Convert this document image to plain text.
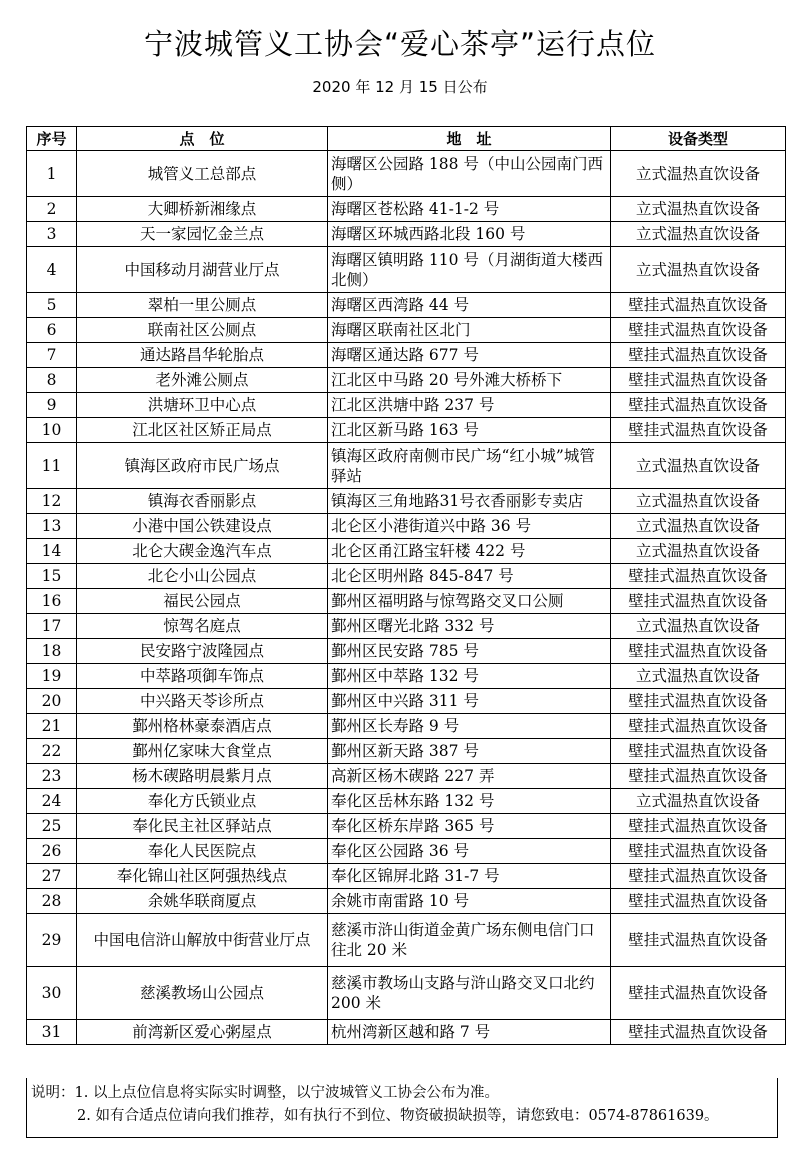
宁波城管义工协会“爱心茶亭”运行点位
2020 年 12 月 15 日公布
序号	点　位	地　址	设备类型
1	城管义工总部点	海曙区公园路 188 号（中山公园南门西侧）	立式温热直饮设备
2	大卿桥新湘缘点	海曙区苍松路 41-1-2 号	立式温热直饮设备
3	天一家园忆金兰点	海曙区环城西路北段 160 号	立式温热直饮设备
4	中国移动月湖营业厅点	海曙区镇明路 110 号（月湖街道大楼西北侧）	立式温热直饮设备
5	翠柏一里公厕点	海曙区西湾路 44 号	壁挂式温热直饮设备
6	联南社区公厕点	海曙区联南社区北门	壁挂式温热直饮设备
7	通达路昌华轮胎点	海曙区通达路 677 号	壁挂式温热直饮设备
8	老外滩公厕点	江北区中马路 20 号外滩大桥桥下	壁挂式温热直饮设备
9	洪塘环卫中心点	江北区洪塘中路 237 号	壁挂式温热直饮设备
10	江北区社区矫正局点	江北区新马路 163 号	壁挂式温热直饮设备
11	镇海区政府市民广场点	镇海区政府南侧市民广场“红小城”城管驿站	立式温热直饮设备
12	镇海衣香丽影点	镇海区三角地路31号衣香丽影专卖店	立式温热直饮设备
13	小港中国公铁建设点	北仑区小港街道兴中路 36 号	立式温热直饮设备
14	北仑大碶金逸汽车点	北仑区甬江路宝轩楼 422 号	立式温热直饮设备
15	北仑小山公园点	北仑区明州路 845-847 号	壁挂式温热直饮设备
16	福民公园点	鄞州区福明路与惊驾路交叉口公厕	壁挂式温热直饮设备
17	惊驾名庭点	鄞州区曙光北路 332 号	立式温热直饮设备
18	民安路宁波隆园点	鄞州区民安路 785 号	壁挂式温热直饮设备
19	中萃路项御车饰点	鄞州区中萃路 132 号	立式温热直饮设备
20	中兴路天苓诊所点	鄞州区中兴路 311 号	壁挂式温热直饮设备
21	鄞州格林豪泰酒店点	鄞州区长寿路 9 号	壁挂式温热直饮设备
22	鄞州亿家味大食堂点	鄞州区新天路 387 号	壁挂式温热直饮设备
23	杨木碶路明晨紫月点	高新区杨木碶路 227 弄	壁挂式温热直饮设备
24	奉化方氏锁业点	奉化区岳林东路 132 号	立式温热直饮设备
25	奉化民主社区驿站点	奉化区桥东岸路 365 号	壁挂式温热直饮设备
26	奉化人民医院点	奉化区公园路 36 号	壁挂式温热直饮设备
27	奉化锦山社区阿强热线点	奉化区锦屏北路 31-7 号	壁挂式温热直饮设备
28	余姚华联商厦点	余姚市南雷路 10 号	壁挂式温热直饮设备
29	中国电信浒山解放中街营业厅点	慈溪市浒山街道金黄广场东侧电信门口往北 20 米	壁挂式温热直饮设备
30	慈溪教场山公园点	慈溪市教场山支路与浒山路交叉口北约 200 米	壁挂式温热直饮设备
31	前湾新区爱心粥屋点	杭州湾新区越和路 7 号	壁挂式温热直饮设备
说明：1. 以上点位信息将实际实时调整，以宁波城管义工协会公布为准。
2. 如有合适点位请向我们推荐，如有执行不到位、物资破损缺损等，请您致电：0574-87861639。
